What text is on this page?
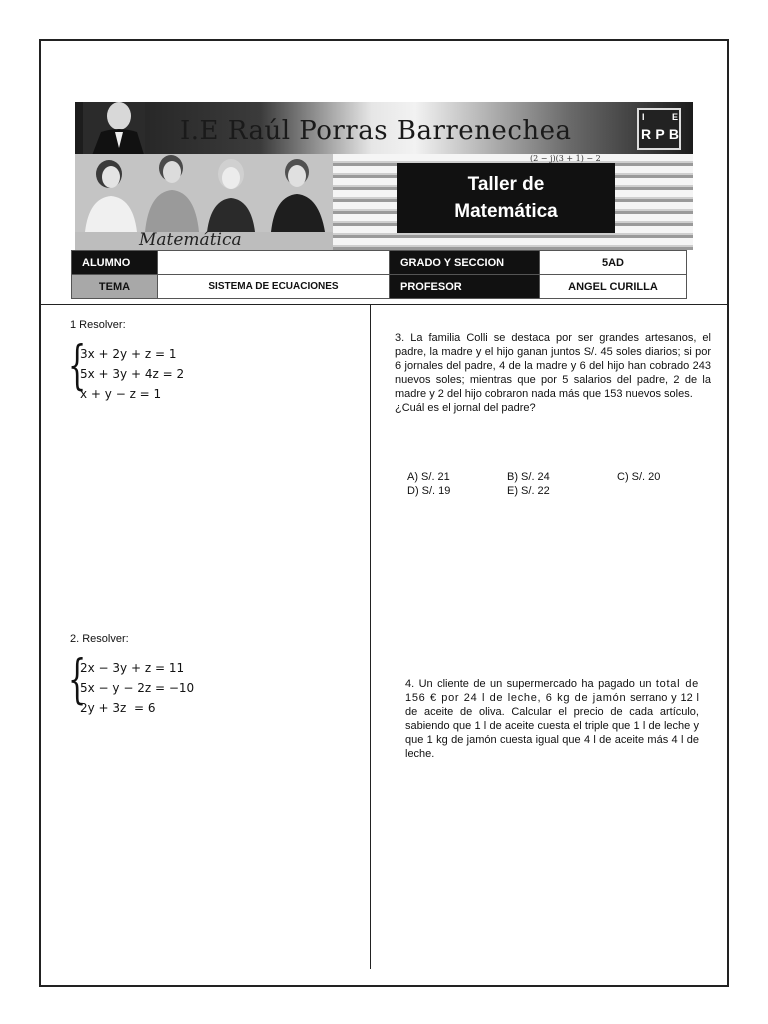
I.E Raúl Porras Barrenechea	I	E
R P B
Matemática
(2 − j)(3 + 1) − 2
Taller de
Matemática
ALUMNO		GRADO Y SECCION	5AD
TEMA	SISTEMA DE ECUACIONES	PROFESOR	ANGEL CURILLA
1 Resolver:
{
3x + 2y + z = 1
5x + 3y + 4z = 2
x + y − z = 1
2. Resolver:
{
2x − 3y + z = 11
5x − y − 2z = −10
2y + 3z  = 6
3. La familia Colli se destaca por ser grandes artesanos, el padre, la madre y el hijo ganan juntos S/. 45 soles diarios; si por 6 jornales del padre, 4 de la madre y 6 del hijo han cobrado 243 nuevos soles; mientras que por 5 salarios del padre, 2 de la madre y 2 del hijo cobraron nada más que 153 nuevos soles.
¿Cuál es el jornal del padre?
A) S/. 21	B) S/. 24	C) S/. 20
D) S/. 19	E) S/. 22
4. Un cliente de un supermercado ha pagado un total de 156 € por 24 l de leche, 6 kg de jamón serrano y 12 l de aceite de oliva. Calcular el precio de cada artículo, sabiendo que 1 l de aceite cuesta el triple que 1 l de leche y que 1 kg de jamón cuesta igual que 4 l de aceite más 4 l de leche.
